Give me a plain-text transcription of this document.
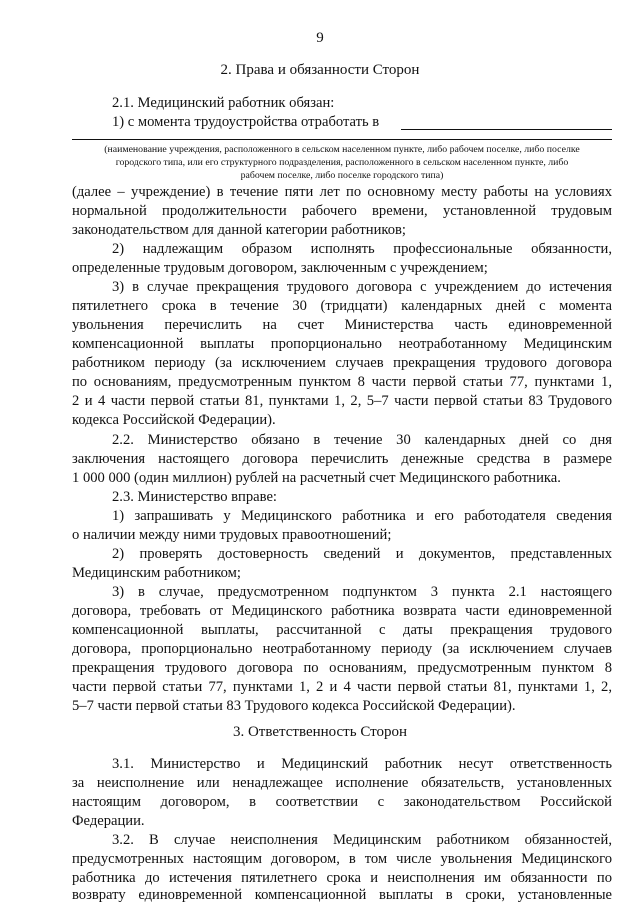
9
2. Права и обязанности Сторон
2.1. Медицинский работник обязан:
1) с момента трудоустройства отработать в
(наименование учреждения, расположенного в сельском населенном пункте, либо рабочем поселке, либо поселке
городского типа, или его структурного подразделения, расположенного в сельском населенном пункте, либо
рабочем поселке, либо поселке городского типа)
(далее – учреждение) в течение пяти лет по основному месту работы на условиях
нормальной продолжительности рабочего времени, установленной трудовым
законодательством для данной категории работников;
2) надлежащим образом исполнять профессиональные обязанности,
определенные трудовым договором, заключенным с учреждением;
3) в случае прекращения трудового договора с учреждением до истечения
пятилетнего срока в течение 30 (тридцати) календарных дней с момента
увольнения перечислить на счет Министерства часть единовременной
компенсационной выплаты пропорционально неотработанному Медицинским
работником периоду (за исключением случаев прекращения трудового договора
по основаниям, предусмотренным пунктом 8 части первой статьи 77, пунктами 1,
2 и 4 части первой статьи 81, пунктами 1, 2, 5–7 части первой статьи 83 Трудового
кодекса Российской Федерации).
2.2. Министерство обязано в течение 30 календарных дней со дня
заключения настоящего договора перечислить денежные средства в размере
1 000 000 (один миллион) рублей на расчетный счет Медицинского работника.
2.3. Министерство вправе:
1) запрашивать у Медицинского работника и его работодателя сведения
о наличии между ними трудовых правоотношений;
2) проверять достоверность сведений и документов, представленных
Медицинским работником;
3) в случае, предусмотренном подпунктом 3 пункта 2.1 настоящего
договора, требовать от Медицинского работника возврата части единовременной
компенсационной выплаты, рассчитанной с даты прекращения трудового
договора, пропорционально неотработанному периоду (за исключением случаев
прекращения трудового договора по основаниям, предусмотренным пунктом 8
части первой статьи 77, пунктами 1, 2 и 4 части первой статьи 81, пунктами 1, 2,
5–7 части первой статьи 83 Трудового кодекса Российской Федерации).
3. Ответственность Сторон
3.1. Министерство и Медицинский работник несут ответственность
за неисполнение или ненадлежащее исполнение обязательств, установленных
настоящим договором, в соответствии с законодательством Российской
Федерации.
3.2. В случае неисполнения Медицинским работником обязанностей,
предусмотренных настоящим договором, в том числе увольнения Медицинского
работника до истечения пятилетнего срока и неисполнения им обязанности по
возврату единовременной компенсационной выплаты в сроки, установленные
